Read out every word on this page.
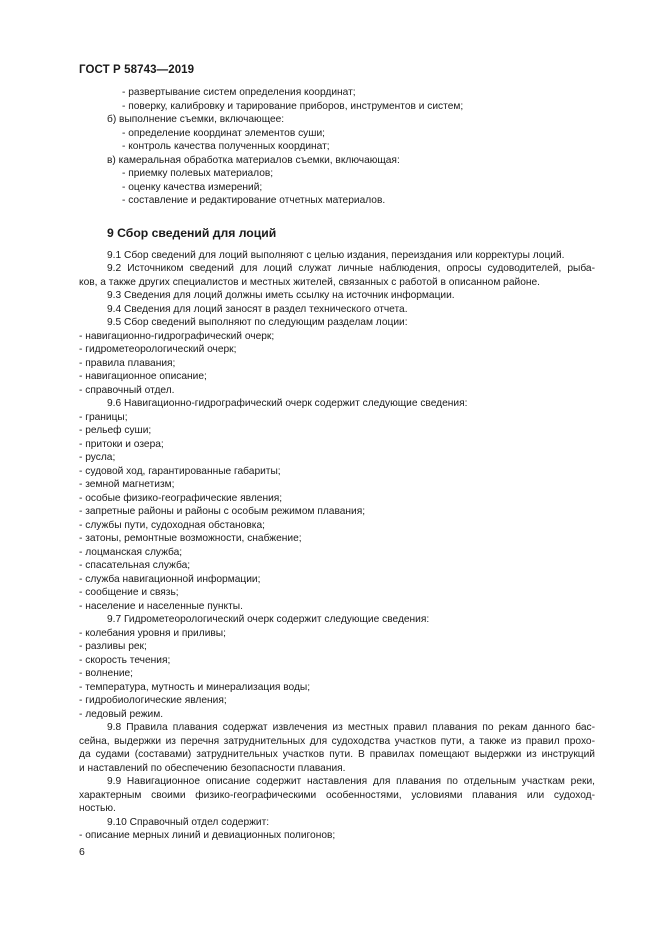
ГОСТ Р 58743—2019
- развертывание систем определения координат;
- поверку, калибровку и тарирование приборов, инструментов и систем;
б) выполнение съемки, включающее:
- определение координат элементов суши;
- контроль качества полученных координат;
в) камеральная обработка материалов съемки, включающая:
- приемку полевых материалов;
- оценку качества измерений;
- составление и редактирование отчетных материалов.
9 Сбор сведений для лоций
9.1 Сбор сведений для лоций выполняют с целью издания, переиздания или корректуры лоций.
9.2 Источником сведений для лоций служат личные наблюдения, опросы судоводителей, рыба-
ков, а также других специалистов и местных жителей, связанных с работой в описанном районе.
9.3 Сведения для лоций должны иметь ссылку на источник информации.
9.4 Сведения для лоций заносят в раздел технического отчета.
9.5 Сбор сведений выполняют по следующим разделам лоции:
- навигационно-гидрографический очерк;
- гидрометеорологический очерк;
- правила плавания;
- навигационное описание;
- справочный отдел.
9.6 Навигационно-гидрографический очерк содержит следующие сведения:
- границы;
- рельеф суши;
- притоки и озера;
- русла;
- судовой ход, гарантированные габариты;
- земной магнетизм;
- особые физико-географические явления;
- запретные районы и районы с особым режимом плавания;
- службы пути, судоходная обстановка;
- затоны, ремонтные возможности, снабжение;
- лоцманская служба;
- спасательная служба;
- служба навигационной информации;
- сообщение и связь;
- население и населенные пункты.
9.7 Гидрометеорологический очерк содержит следующие сведения:
- колебания уровня и приливы;
- разливы рек;
- скорость течения;
- волнение;
- температура, мутность и минерализация воды;
- гидробиологические явления;
- ледовый режим.
9.8 Правила плавания содержат извлечения из местных правил плавания по рекам данного бас-
сейна, выдержки из перечня затруднительных для судоходства участков пути, а также из правил прохо-
да судами (составами) затруднительных участков пути. В правилах помещают выдержки из инструкций
и наставлений по обеспечению безопасности плавания.
9.9 Навигационное описание содержит наставления для плавания по отдельным участкам реки,
характерным своими физико-географическими особенностями, условиями плавания или судоход-
ностью.
9.10 Справочный отдел содержит:
- описание мерных линий и девиационных полигонов;
6
